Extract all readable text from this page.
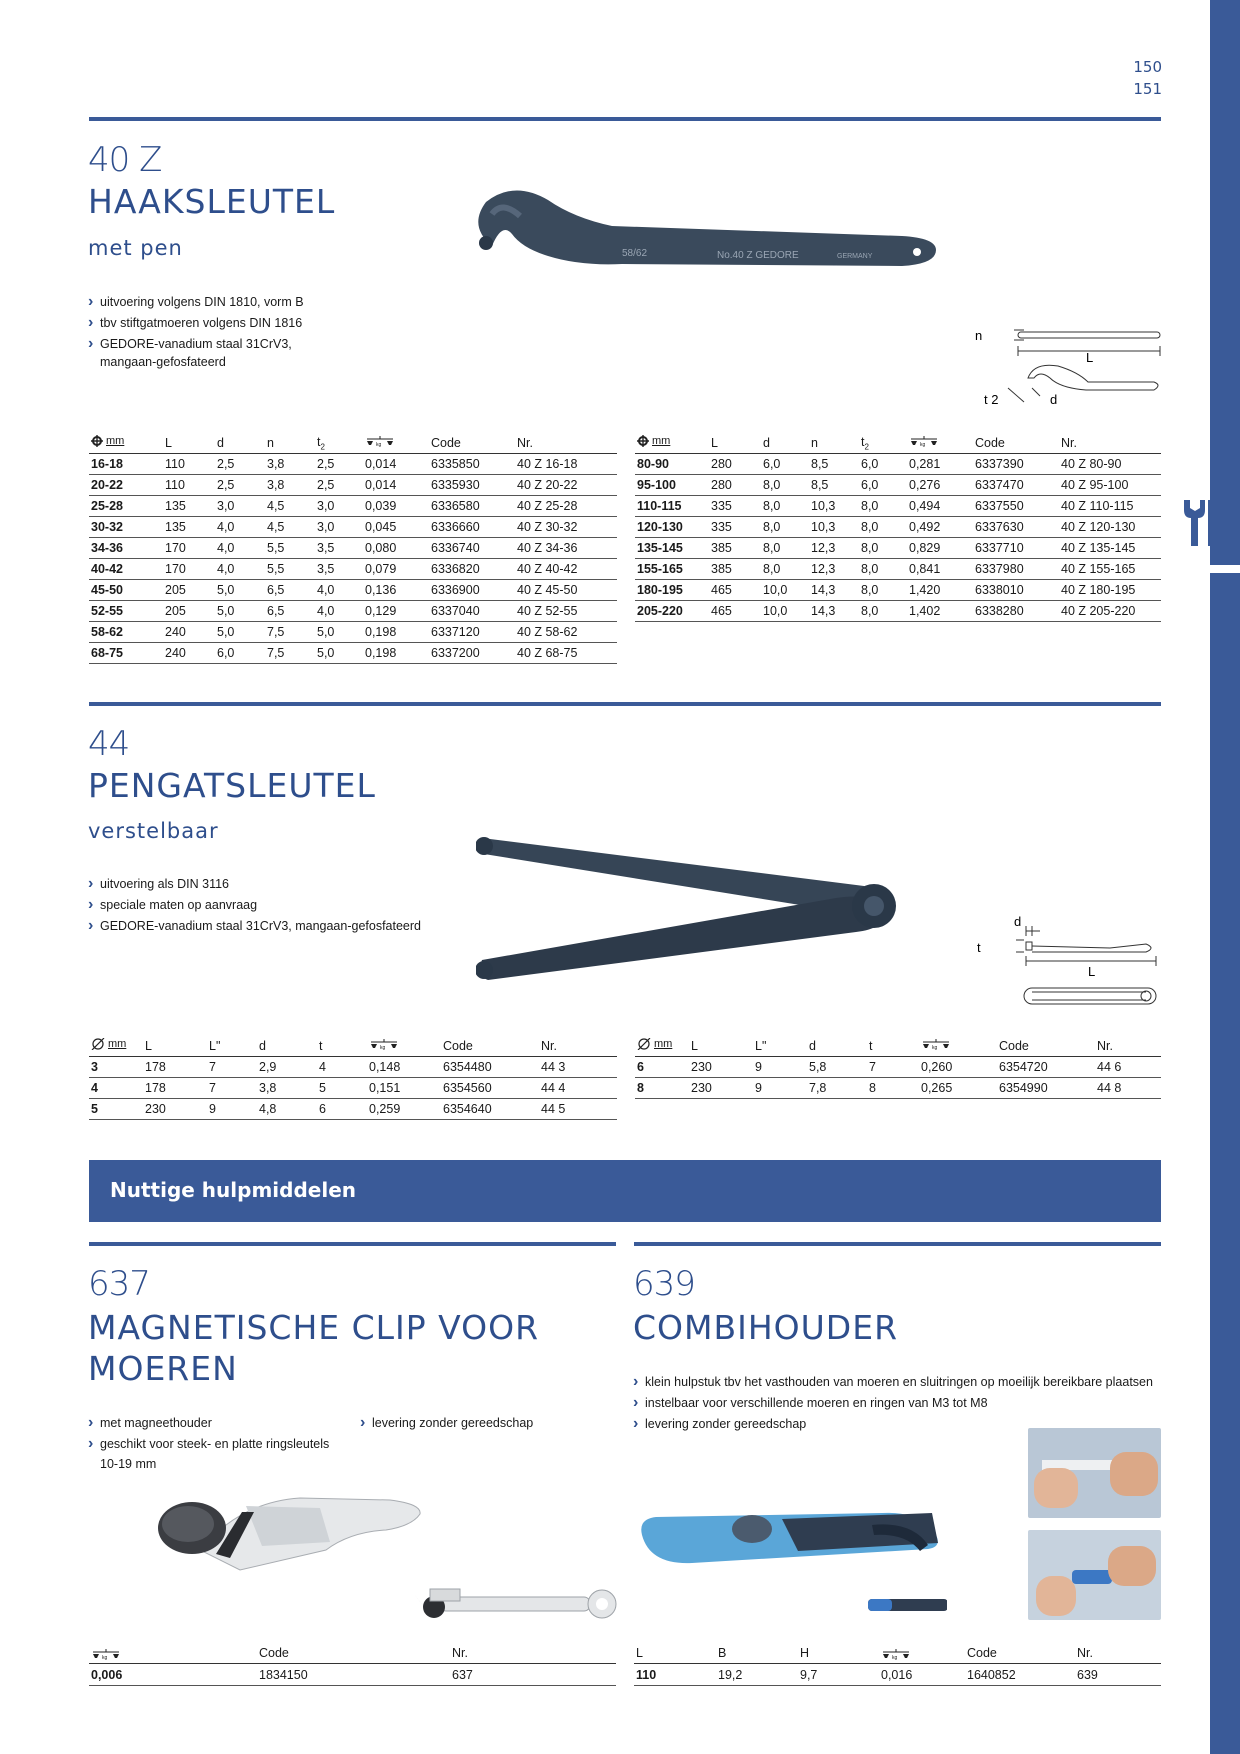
150
151
40 Z
HAAKSLEUTEL
met pen
› uitvoering volgens DIN 1810, vorm B
› tbv stiftgatmoeren volgens DIN 1816
› GEDORE-vanadium staal 31CrV3,
mangaan-gefosfateerd
58/62	No.40 Z GEDORE	GERMANY
n
L
t 2	d
mm	L	d	n	$t_2$	kg	Code	Nr.
16-18	110	2,5	3,8	2,5	0,014	6335850	40 Z 16-18
20-22	110	2,5	3,8	2,5	0,014	6335930	40 Z 20-22
25-28	135	3,0	4,5	3,0	0,039	6336580	40 Z 25-28
30-32	135	4,0	4,5	3,0	0,045	6336660	40 Z 30-32
34-36	170	4,0	5,5	3,5	0,080	6336740	40 Z 34-36
40-42	170	4,0	5,5	3,5	0,079	6336820	40 Z 40-42
45-50	205	5,0	6,5	4,0	0,136	6336900	40 Z 45-50
52-55	205	5,0	6,5	4,0	0,129	6337040	40 Z 52-55
58-62	240	5,0	7,5	5,0	0,198	6337120	40 Z 58-62
68-75	240	6,0	7,5	5,0	0,198	6337200	40 Z 68-75
mm	L	d	n	$t_2$	kg	Code	Nr.
80-90	280	6,0	8,5	6,0	0,281	6337390	40 Z 80-90
95-100	280	8,0	8,5	6,0	0,276	6337470	40 Z 95-100
110-115	335	8,0	10,3	8,0	0,494	6337550	40 Z 110-115
120-130	335	8,0	10,3	8,0	0,492	6337630	40 Z 120-130
135-145	385	8,0	12,3	8,0	0,829	6337710	40 Z 135-145
155-165	385	8,0	12,3	8,0	0,841	6337980	40 Z 155-165
180-195	465	10,0	14,3	8,0	1,420	6338010	40 Z 180-195
205-220	465	10,0	14,3	8,0	1,402	6338280	40 Z 205-220
44
PENGATSLEUTEL
verstelbaar
› uitvoering als DIN 3116
› speciale maten op aanvraag
› GEDORE-vanadium staal 31CrV3, mangaan-gefosfateerd	d
t
L
mm	L	L"	d	t	kg	Code	Nr.
3	178	7	2,9	4	0,148	6354480	44 3
4	178	7	3,8	5	0,151	6354560	44 4
5	230	9	4,8	6	0,259	6354640	44 5
mm	L	L"	d	t	kg	Code	Nr.
6	230	9	5,8	7	0,260	6354720	44 6
8	230	9	7,8	8	0,265	6354990	44 8
Nuttige hulpmiddelen
637
MAGNETISCHE CLIP VOOR
MOEREN
› met magneethouder
› geschikt voor steek- en platte ringsleutels
10-19 mm
› levering zonder gereedschap
kg	Code	Nr.
0,006	1834150	637
639
COMBIHOUDER
› klein hulpstuk tbv het vasthouden van moeren en sluitringen op moeilijk bereikbare plaatsen
› instelbaar voor verschillende moeren en ringen van M3 tot M8
› levering zonder gereedschap
L	B	H	kg	Code	Nr.
110	19,2	9,7	0,016	1640852	639
